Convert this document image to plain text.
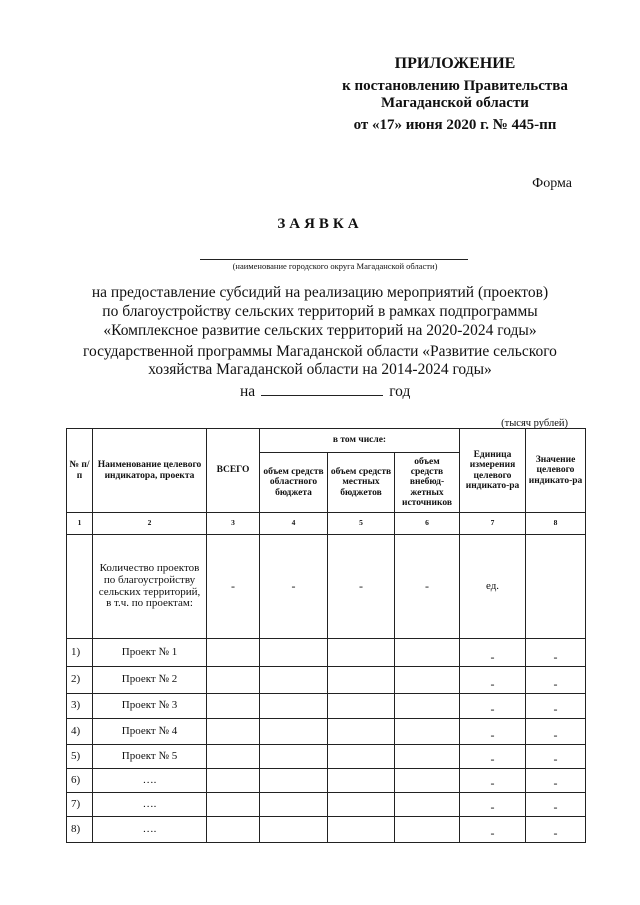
ПРИЛОЖЕНИЕ
к постановлению Правительства
Магаданской области
от «17» июня 2020 г. № 445-пп
Форма
ЗАЯВКА
(наименование городского округа Магаданской области)
на предоставление субсидий на реализацию мероприятий (проектов)
по благоустройству сельских территорий в рамках подпрограммы
«Комплексное развитие сельских территорий на 2020-2024 годы»
государственной программы Магаданской области «Развитие сельского
хозяйства Магаданской области на 2014-2024 годы»
на	год
(тысяч рублей)
№ п/п	Наименование целевого индикатора, проекта	ВСЕГО	в том числе:			Единица измерения целевого индикато-ра	Значение целевого индикато-ра
			объем средств областного бюджета	объем средств местных бюджетов	объем средств внебюд-жетных источников		
1	2	3	4	5	6	7	8
	Количество проектов по благоустройству сельских территорий, в т.ч. по проектам:	-	-	-	-	ед.	
1)	Проект № 1					-	-
2)	Проект № 2					-	-
3)	Проект № 3					-	-
4)	Проект № 4					-	-
5)	Проект № 5					-	-
6)	….					-	-
7)	….					-	-
8)	….					-	-
